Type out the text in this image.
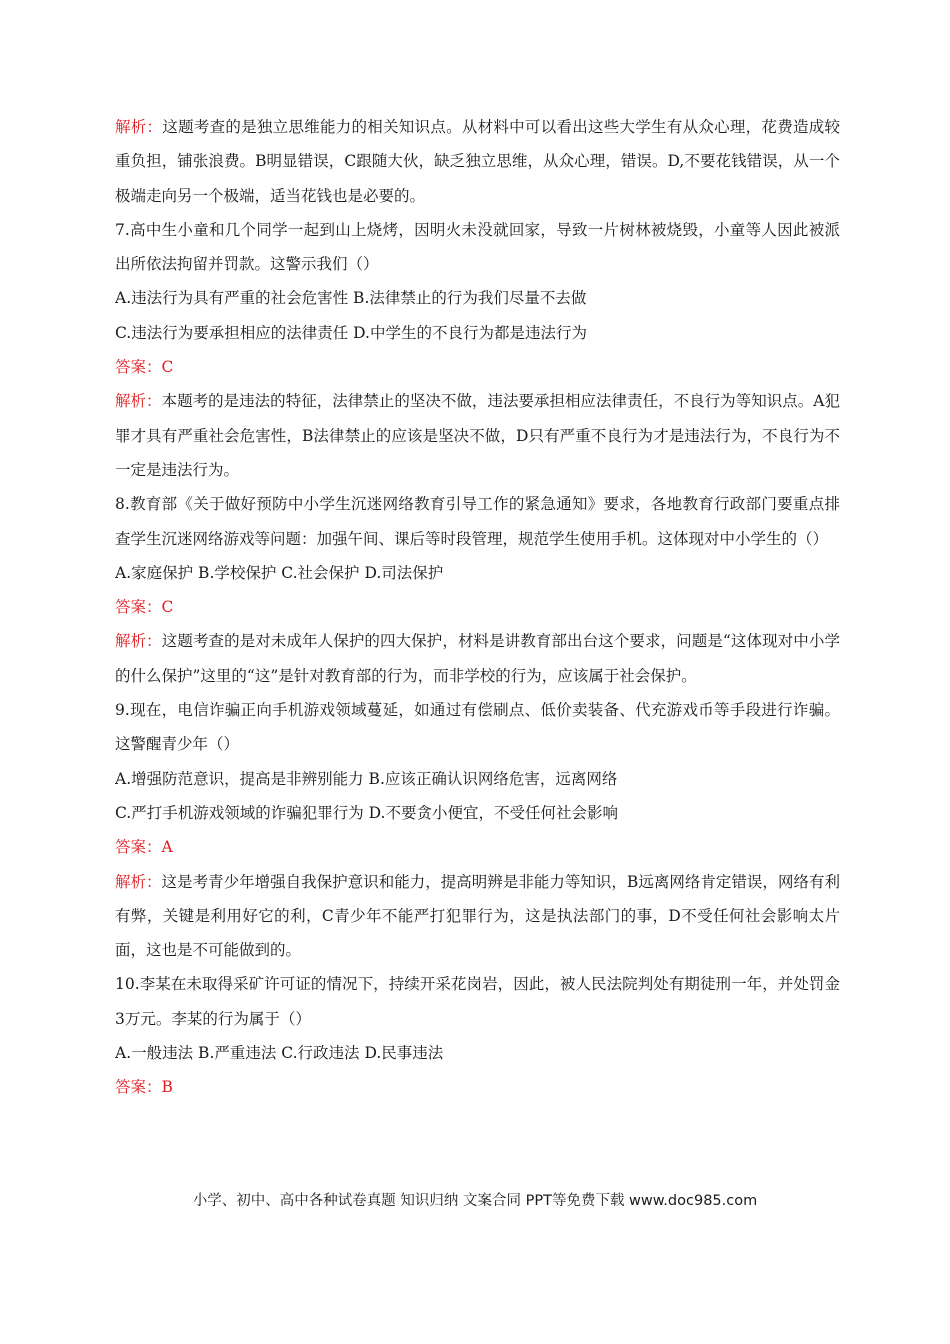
解析：这题考查的是独立思维能力的相关知识点。从材料中可以看出这些大学生有从众心理，花费造成较重负担，铺张浪费。B明显错误，C跟随大伙，缺乏独立思维，从众心理，错误。D,不要花钱错误，从一个极端走向另一个极端，适当花钱也是必要的。

7.高中生小童和几个同学一起到山上烧烤，因明火未没就回家，导致一片树林被烧毁，小童等人因此被派出所依法拘留并罚款。这警示我们（）

A.违法行为具有严重的社会危害性 B.法律禁止的行为我们尽量不去做
C.违法行为要承担相应的法律责任 D.中学生的不良行为都是违法行为
答案：C

解析：本题考的是违法的特征，法律禁止的坚决不做，违法要承担相应法律责任，不良行为等知识点。A犯罪才具有严重社会危害性，B法律禁止的应该是坚决不做，D只有严重不良行为才是违法行为，不良行为不一定是违法行为。

8.教育部《关于做好预防中小学生沉迷网络教育引导工作的紧急通知》要求，各地教育行政部门要重点排查学生沉迷网络游戏等问题：加强午间、课后等时段管理，规范学生使用手机。这体现对中小学生的（）

A.家庭保护 B.学校保护 C.社会保护 D.司法保护
答案：C

解析：这题考查的是对未成年人保护的四大保护，材料是讲教育部出台这个要求，问题是“这体现对中小学的什么保护”这里的“这”是针对教育部的行为，而非学校的行为，应该属于社会保护。

9.现在，电信诈骗正向手机游戏领域蔓延，如通过有偿刷点、低价卖装备、代充游戏币等手段进行诈骗。这警醒青少年（）

A.增强防范意识，提高是非辨别能力 B.应该正确认识网络危害，远离网络
C.严打手机游戏领域的诈骗犯罪行为 D.不要贪小便宜，不受任何社会影响
答案：A

解析：这是考青少年增强自我保护意识和能力，提高明辨是非能力等知识，B远离网络肯定错误，网络有利有弊，关键是利用好它的利，C青少年不能严打犯罪行为，这是执法部门的事，D不受任何社会影响太片面，这也是不可能做到的。

10.李某在未取得采矿许可证的情况下，持续开采花岗岩，因此，被人民法院判处有期徒刑一年，并处罚金3万元。李某的行为属于（）

A.一般违法 B.严重违法 C.行政违法 D.民事违法
答案：B
小学、初中、高中各种试卷真题 知识归纳 文案合同 PPT等免费下载 www.doc985.com
